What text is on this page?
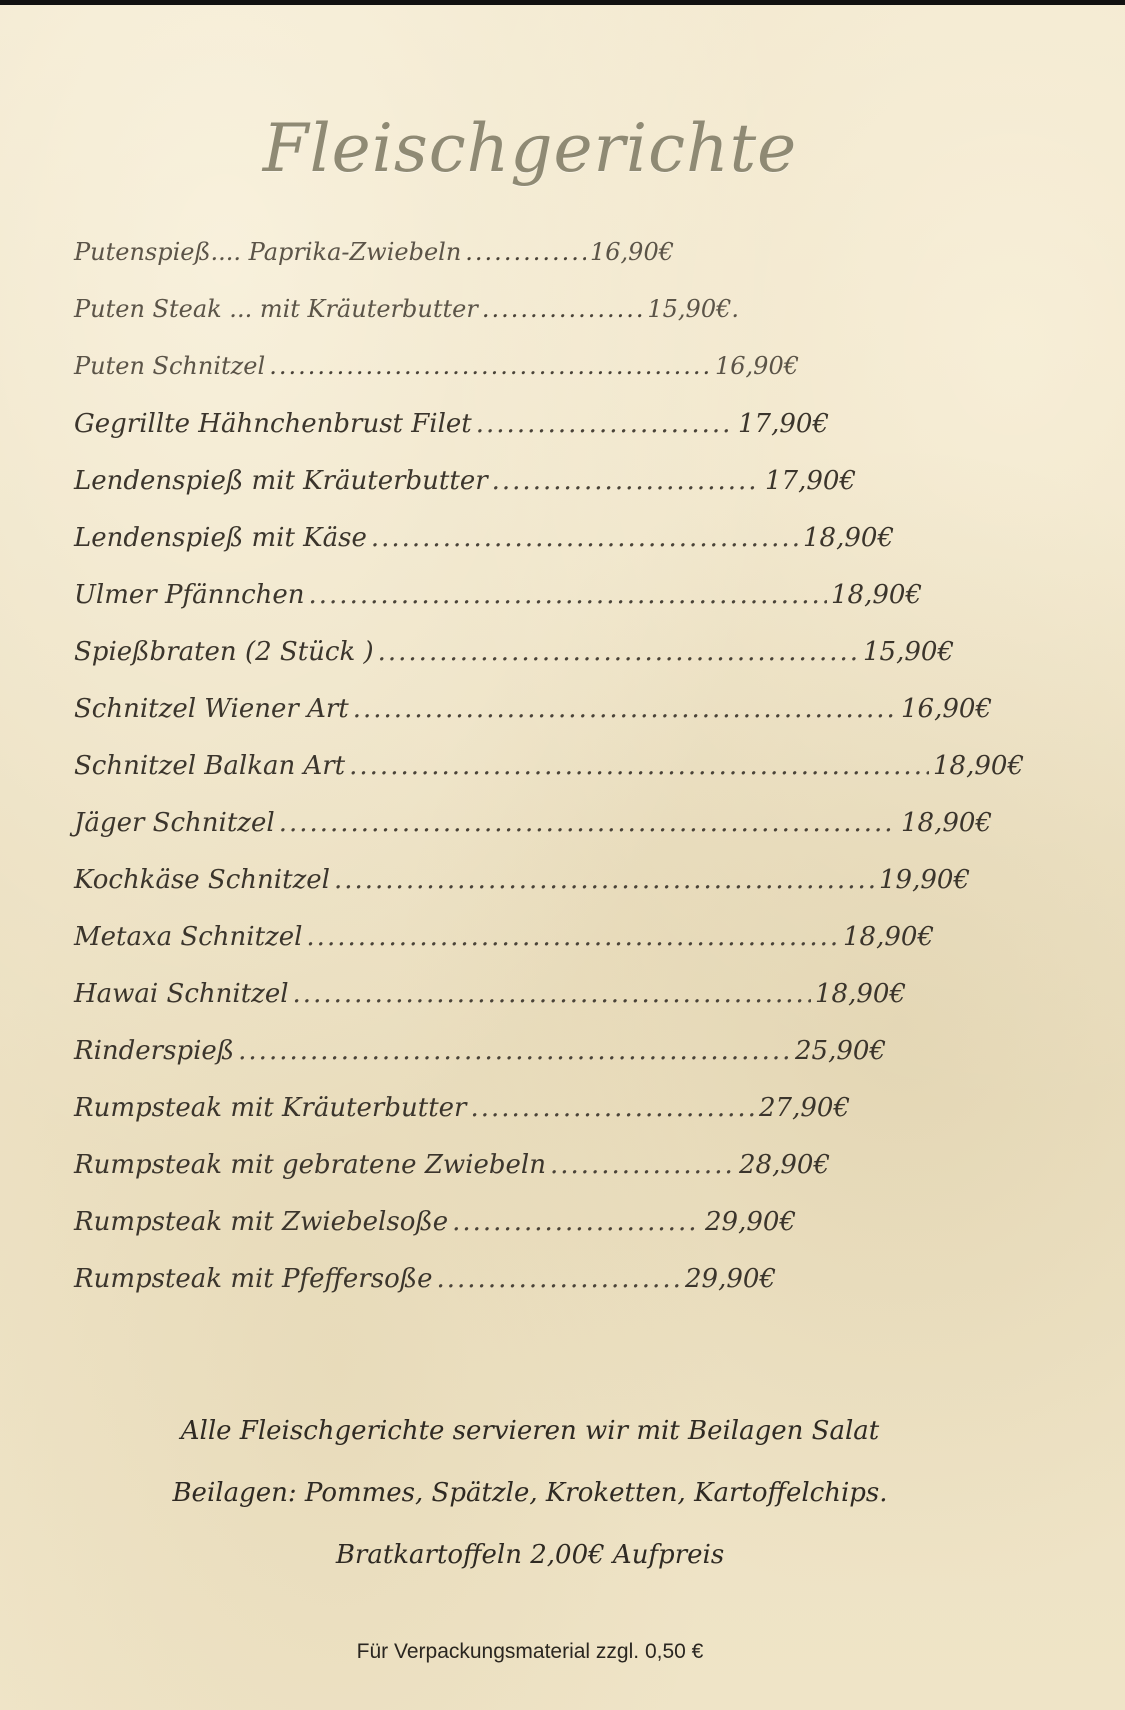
Fleischgerichte
Putenspieß.... Paprika-Zwiebeln .....	16,90€
Puten Steak ... mit Kräuterbutter .....	15,90€.
Puten Schnitzel .....	16,90€
Gegrillte Hähnchenbrust Filet .....	17,90€
Lendenspieß mit Kräuterbutter .....	17,90€
Lendenspieß mit Käse .....	18,90€
Ulmer Pfännchen .....	18,90€
Spießbraten (2 Stück ) .....	15,90€
Schnitzel Wiener Art .....	16,90€
Schnitzel Balkan Art .....	18,90€
Jäger Schnitzel .....	18,90€
Kochkäse Schnitzel .....	19,90€
Metaxa Schnitzel .....	18,90€
Hawai Schnitzel .....	18,90€
Rinderspieß .....	25,90€
Rumpsteak mit Kräuterbutter .....	27,90€
Rumpsteak mit gebratene Zwiebeln .....	28,90€
Rumpsteak mit Zwiebelsoße .....	29,90€
Rumpsteak mit Pfeffersoße .....	29,90€
Alle Fleischgerichte servieren wir mit Beilagen Salat
Beilagen: Pommes, Spätzle, Kroketten, Kartoffelchips.
Bratkartoffeln 2,00€ Aufpreis
Für Verpackungsmaterial zzgl. 0,50 €
